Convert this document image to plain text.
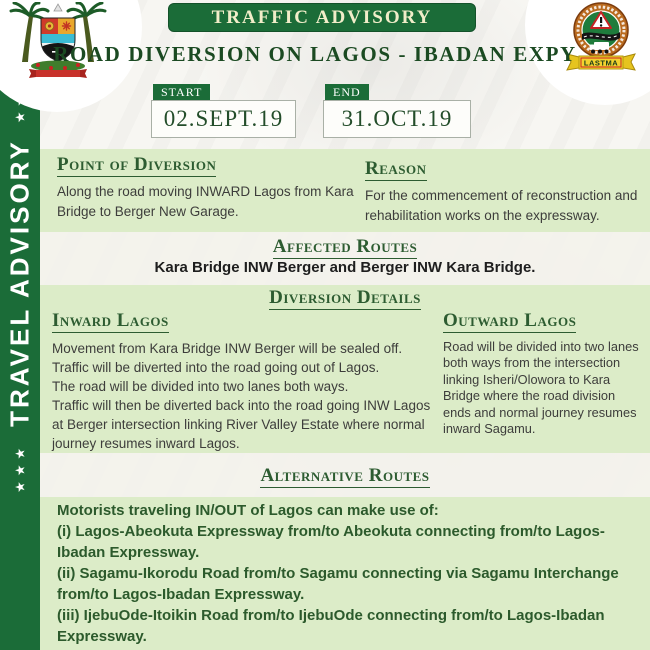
★★★
TRAVEL ADVISORY
LASTMA
TRAFFIC ADVISORY
ROAD DIVERSION ON LAGOS - IBADAN EXPY
START
02.SEPT.19
END
31.OCT.19
Point of Diversion
Along the road moving INWARD Lagos from Kara Bridge to Berger New Garage.
Reason
For the commencement of reconstruction and rehabilitation works on the expressway.
Affected Routes
Kara Bridge INW Berger and Berger INW Kara Bridge.
Diversion Details
Inward Lagos
Movement from Kara Bridge INW Berger will be sealed off.
Traffic will be diverted into the road going out of Lagos.
The road will be divided into two lanes both ways.
Traffic will then be diverted back into the road going INW Lagos at Berger intersection linking River Valley Estate where normal journey resumes inward Lagos.
Outward Lagos
Road will be divided into two lanes both ways from the intersection linking Isheri/Olowora to Kara Bridge where the road division ends and normal journey resumes inward Sagamu.
Alternative Routes
Motorists traveling IN/OUT of Lagos can make use of:
(i) Lagos-Abeokuta Expressway from/to Abeokuta connecting from/to Lagos-Ibadan Expressway.
(ii) Sagamu-Ikorodu Road from/to Sagamu connecting via Sagamu Interchange from/to Lagos-Ibadan Expressway.
(iii) IjebuOde-Itoikin Road from/to IjebuOde connecting from/to Lagos-Ibadan Expressway.
